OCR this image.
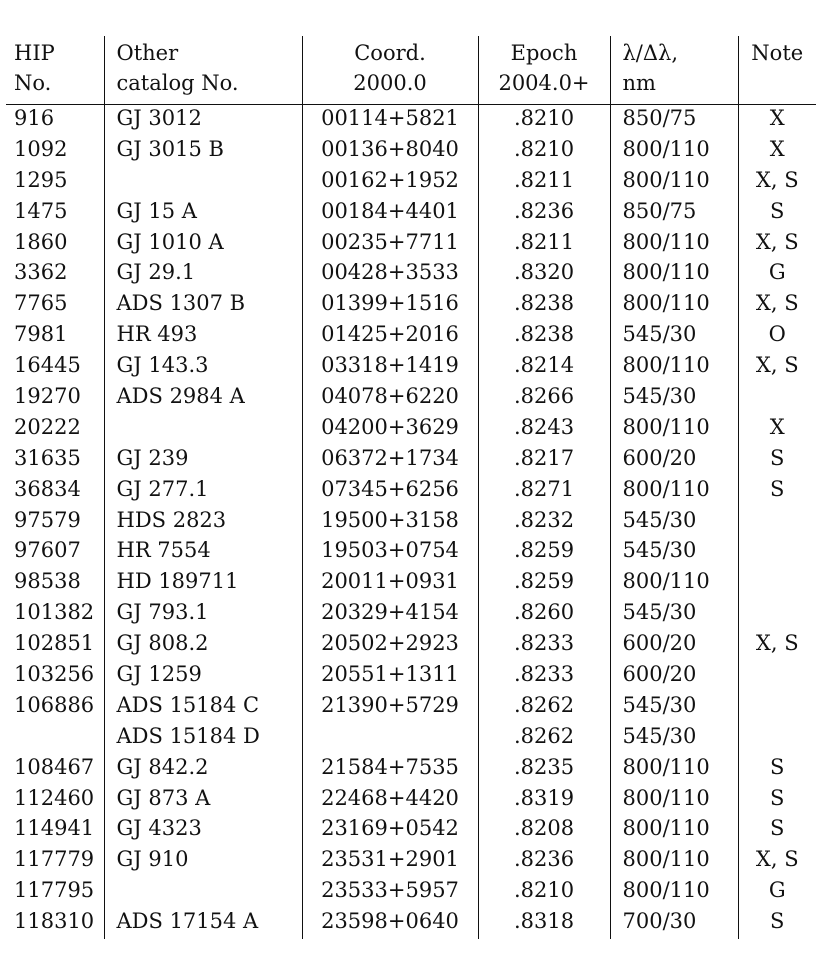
HIP	Other	Coord.	Epoch	λ/Δλ,	Note
No.	catalog No.	2000.0	2004.0+	nm	
916	GJ 3012	00114+5821	.8210	850/75	X
1092	GJ 3015 B	00136+8040	.8210	800/110	X
1295		00162+1952	.8211	800/110	X, S
1475	GJ 15 A	00184+4401	.8236	850/75	S
1860	GJ 1010 A	00235+7711	.8211	800/110	X, S
3362	GJ 29.1	00428+3533	.8320	800/110	G
7765	ADS 1307 B	01399+1516	.8238	800/110	X, S
7981	HR 493	01425+2016	.8238	545/30	O
16445	GJ 143.3	03318+1419	.8214	800/110	X, S
19270	ADS 2984 A	04078+6220	.8266	545/30	
20222		04200+3629	.8243	800/110	X
31635	GJ 239	06372+1734	.8217	600/20	S
36834	GJ 277.1	07345+6256	.8271	800/110	S
97579	HDS 2823	19500+3158	.8232	545/30	
97607	HR 7554	19503+0754	.8259	545/30	
98538	HD 189711	20011+0931	.8259	800/110	
101382	GJ 793.1	20329+4154	.8260	545/30	
102851	GJ 808.2	20502+2923	.8233	600/20	X, S
103256	GJ 1259	20551+1311	.8233	600/20	
106886	ADS 15184 C	21390+5729	.8262	545/30	
	ADS 15184 D		.8262	545/30	
108467	GJ 842.2	21584+7535	.8235	800/110	S
112460	GJ 873 A	22468+4420	.8319	800/110	S
114941	GJ 4323	23169+0542	.8208	800/110	S
117779	GJ 910	23531+2901	.8236	800/110	X, S
117795		23533+5957	.8210	800/110	G
118310	ADS 17154 A	23598+0640	.8318	700/30	S
